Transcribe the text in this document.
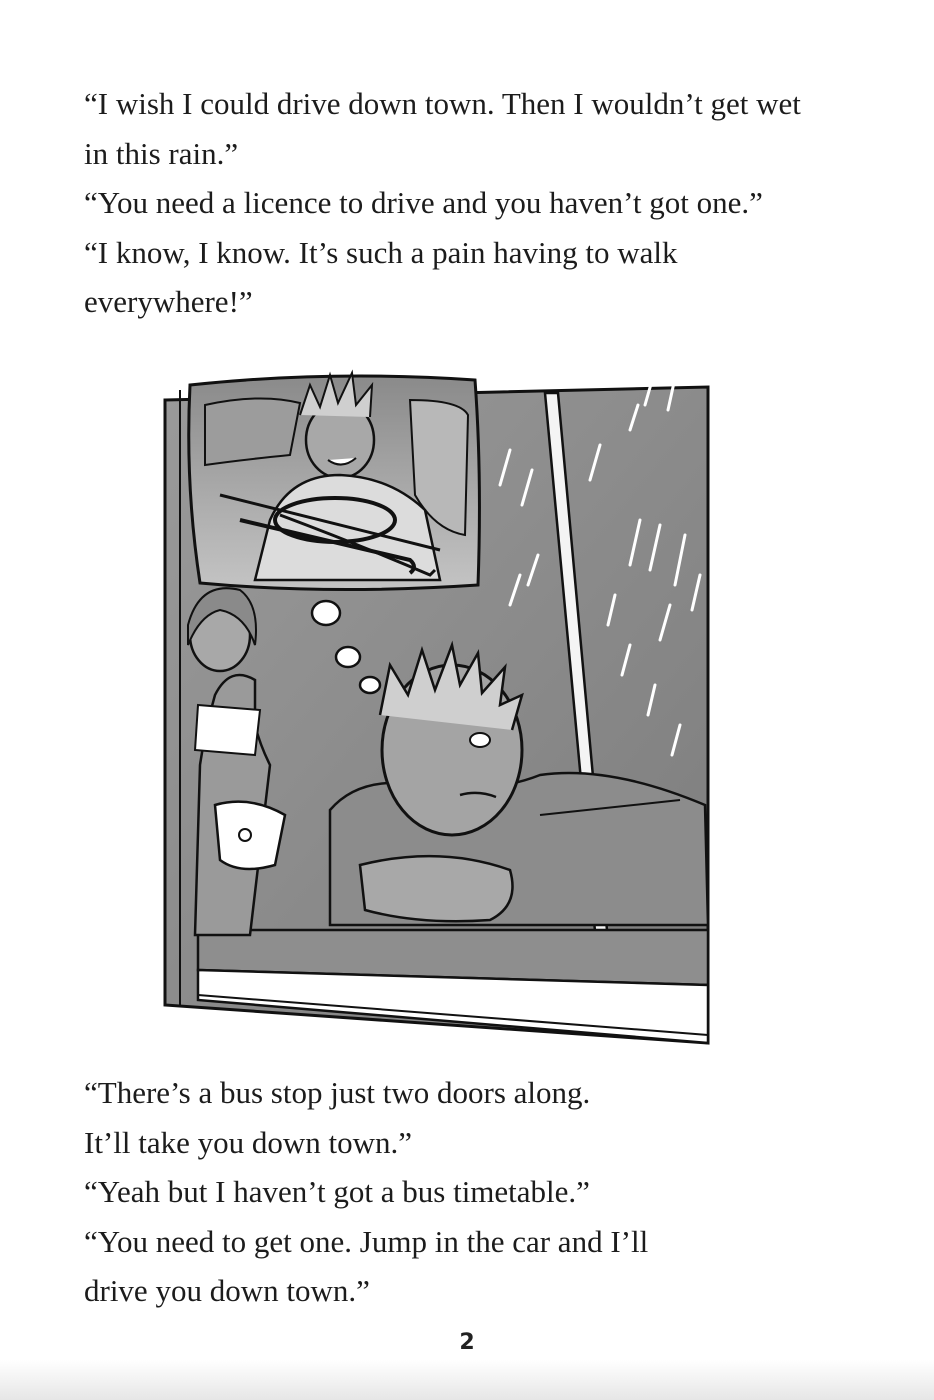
“I wish I could drive down town. Then I wouldn’t get wet

in this rain.”

“You need a licence to drive and you haven’t got one.”

“I know, I know. It’s such a pain having to walk

everywhere!”

“There’s a bus stop just two doors along.

It’ll take you down town.”

“Yeah but I haven’t got a bus timetable.”

“You need to get one. Jump in the car and I’ll

drive you down town.”

2
